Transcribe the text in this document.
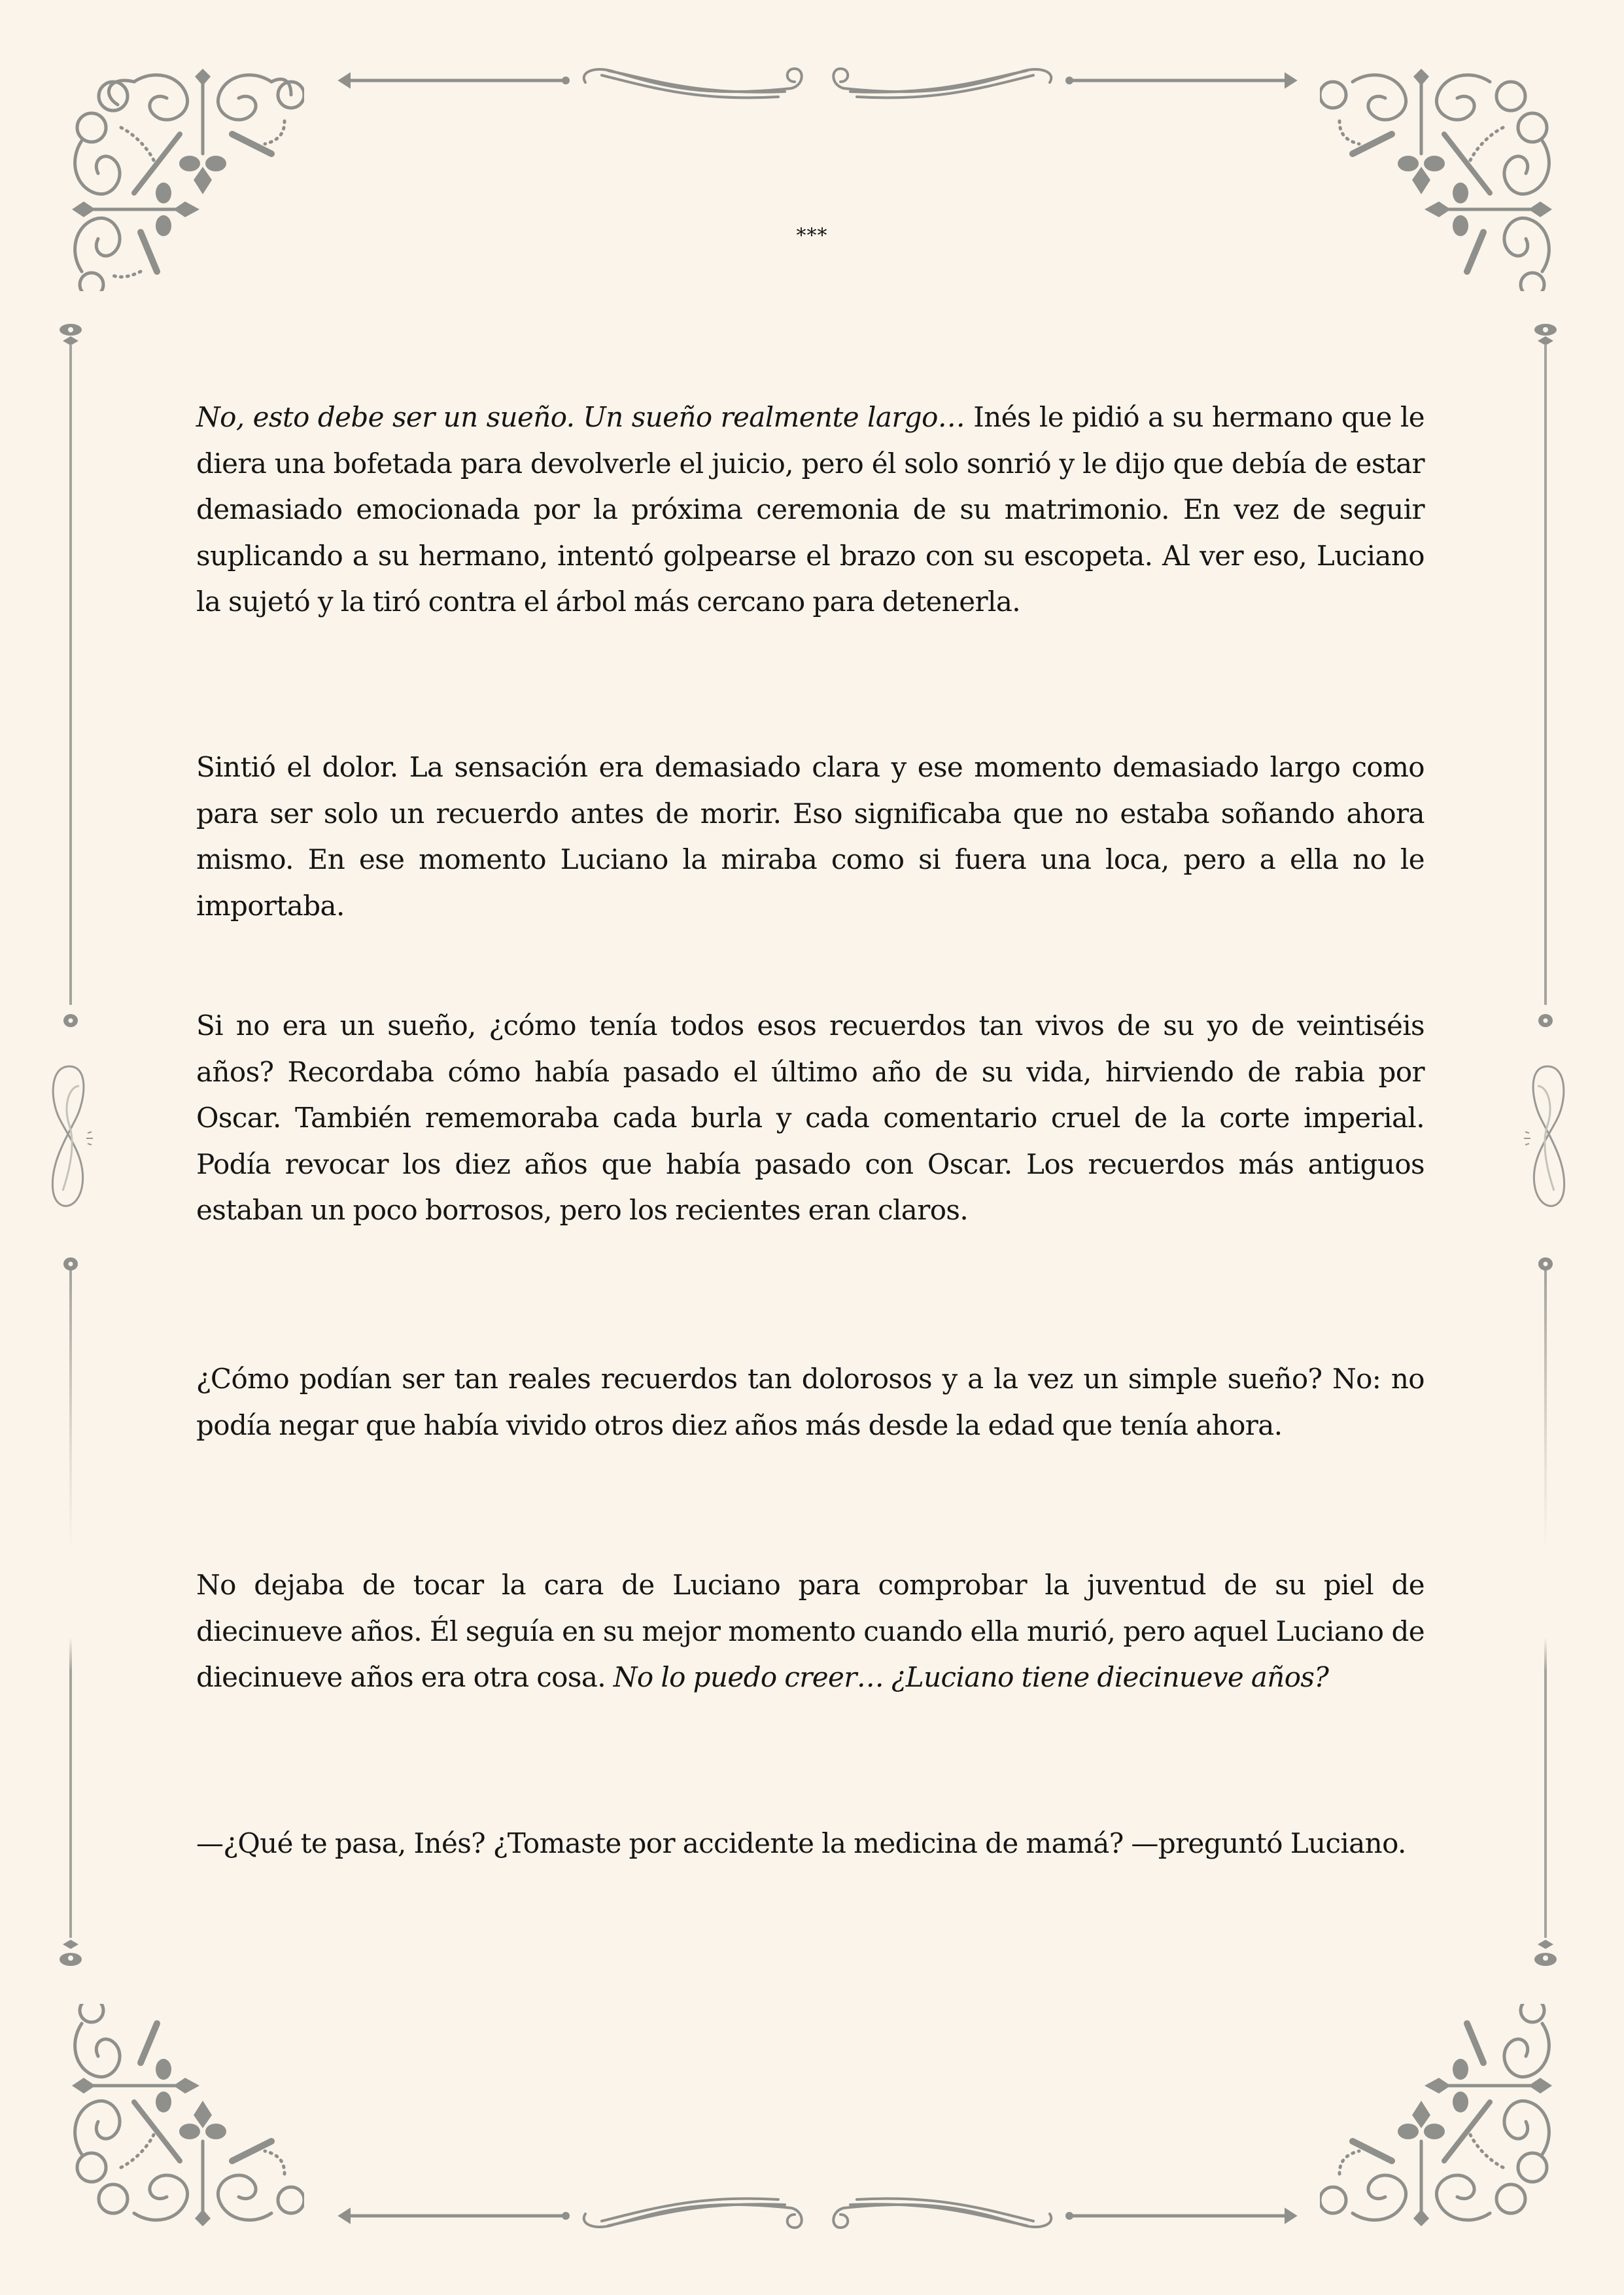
***

No, esto debe ser un sueño. Un sueño realmente largo… Inés le pidió a su hermano que le diera una bofetada para devolverle el juicio, pero él solo sonrió y le dijo que debía de estar demasiado emocionada por la próxima ceremonia de su matrimonio. En vez de seguir suplicando a su hermano, intentó golpearse el brazo con su escopeta. Al ver eso, Luciano la sujetó y la tiró contra el árbol más cercano para detenerla.

Sintió el dolor. La sensación era demasiado clara y ese momento demasiado largo como para ser solo un recuerdo antes de morir. Eso significaba que no estaba soñando ahora mismo. En ese momento Luciano la miraba como si fuera una loca, pero a ella no le importaba.

Si no era un sueño, ¿cómo tenía todos esos recuerdos tan vivos de su yo de veintiséis años? Recordaba cómo había pasado el último año de su vida, hirviendo de rabia por Oscar. También rememoraba cada burla y cada comentario cruel de la corte imperial. Podía revocar los diez años que había pasado con Oscar. Los recuerdos más antiguos estaban un poco borrosos, pero los recientes eran claros.

¿Cómo podían ser tan reales recuerdos tan dolorosos y a la vez un simple sueño? No: no podía negar que había vivido otros diez años más desde la edad que tenía ahora.

No dejaba de tocar la cara de Luciano para comprobar la juventud de su piel de diecinueve años. Él seguía en su mejor momento cuando ella murió, pero aquel Luciano de diecinueve años era otra cosa. No lo puedo creer… ¿Luciano tiene diecinueve años?

—¿Qué te pasa, Inés? ¿Tomaste por accidente la medicina de mamá? —preguntó Luciano.
